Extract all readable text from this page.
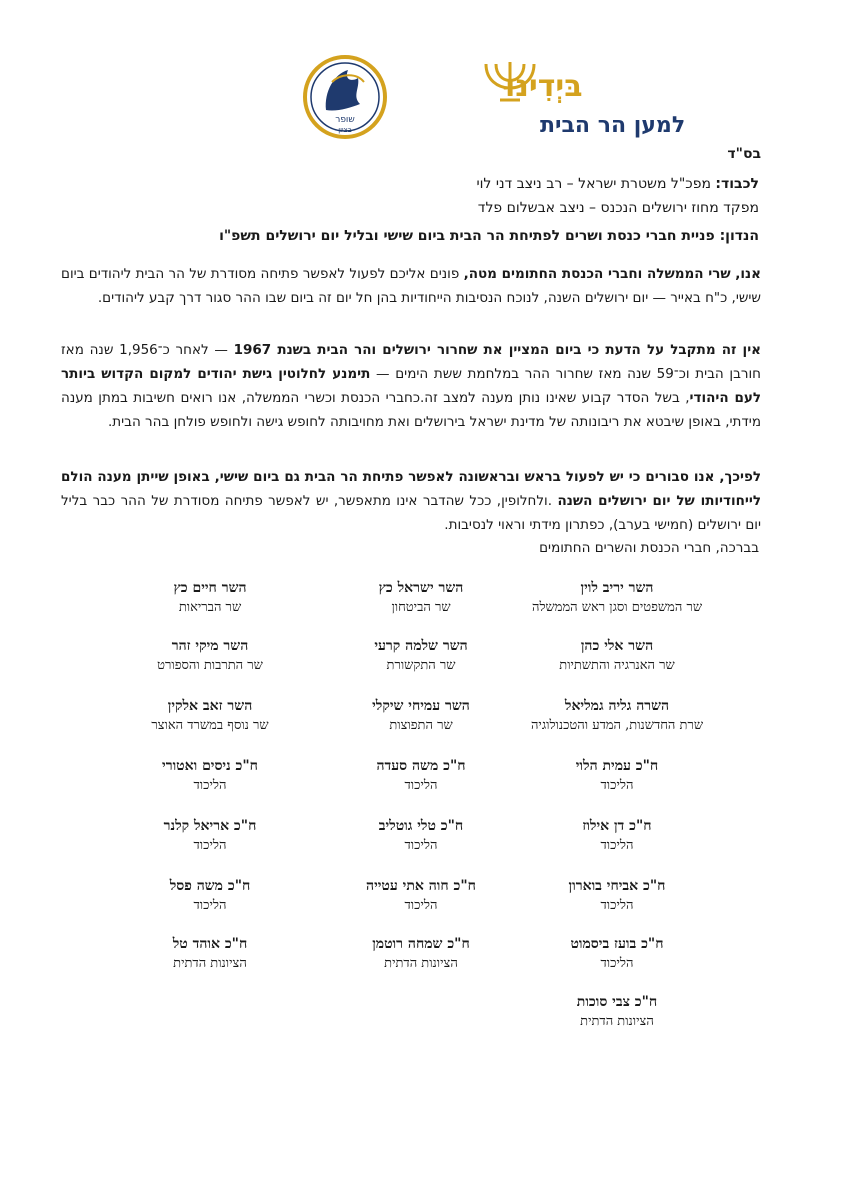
שופר
בציון
בּיְדִינוּ
למען הר הבית
בס"ד
לכבוד: מפכ"ל משטרת ישראל – רב ניצב דני לוי
מפקד מחוז ירושלים הנכנס – ניצב אבשלום פלד
הנדון: פניית חברי כנסת ושרים לפתיחת הר הבית ביום שישי ובליל יום ירושלים תשפ"ו
אנו, שרי הממשלה וחברי הכנסת החתומים מטה, פונים אליכם לפעול לאפשר פתיחה מסודרת של הר הבית ליהודים ביום שישי, כ"ח באייר — יום ירושלים השנה, לנוכח הנסיבות הייחודיות בהן חל יום זה ביום שבו ההר סגור דרך קבע ליהודים.
אין זה מתקבל על הדעת כי ביום המציין את שחרור ירושלים והר הבית בשנת 1967 — לאחר כ־1,956 שנה מאז חורבן הבית וכ־59 שנה מאז שחרור ההר במלחמת ששת הימים — תימנע לחלוטין גישת יהודים למקום הקדוש ביותר לעם היהודי, בשל הסדר קבוע שאינו נותן מענה למצב זה.כחברי הכנסת וכשרי הממשלה, אנו רואים חשיבות במתן מענה מידתי, באופן שיבטא את ריבונותה של מדינת ישראל בירושלים ואת מחויבותה לחופש גישה ולחופש פולחן בהר הבית.
לפיכך, אנו סבורים כי יש לפעול בראש ובראשונה לאפשר פתיחת הר הבית גם ביום שישי, באופן שייתן מענה הולם לייחודיותו של יום ירושלים השנה .ולחלופין, ככל שהדבר אינו מתאפשר, יש לאפשר פתיחה מסודרת של ההר כבר בליל יום ירושלים (חמישי בערב), כפתרון מידתי וראוי לנסיבות.
בברכה, חברי הכנסת והשרים החתומים
השר יריב לוין
שר המשפטים וסגן ראש הממשלה
השר ישראל כץ
שר הביטחון
השר חיים כץ
שר הבריאות
השר אלי כהן
שר האנרגיה והתשתיות
השר שלמה קרעי
שר התקשורת
השר מיקי זהר
שר התרבות והספורט
השרה גליה גמליאל
שרת החדשנות, המדע והטכנולוגיה
השר עמיחי שיקלי
שר התפוצות
השר זאב אלקין
שר נוסף במשרד האוצר
ח"כ עמית הלוי
הליכוד
ח"כ משה סעדה
הליכוד
ח"כ ניסים ואטורי
הליכוד
ח"כ דן אילוז
הליכוד
ח"כ טלי גוטליב
הליכוד
ח"כ אריאל קלנר
הליכוד
ח"כ אביחי בוארון
הליכוד
ח"כ חוה אתי עטייה
הליכוד
ח"כ משה פסל
הליכוד
ח"כ בועז ביסמוט
הליכוד
ח"כ שמחה רוטמן
הציונות הדתית
ח"כ אוהד טל
הציונות הדתית
ח"כ צבי סוכות
הציונות הדתית
